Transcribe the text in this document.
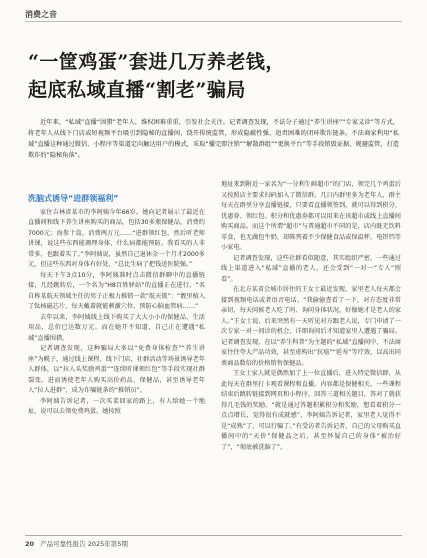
消费之音
“一筐鸡蛋”套进几万养老钱，
起底私域直播“割老”骗局
近年来，“私域”直播“围猎”老年人，维权困难重重，引发社会关注。记者调查发现，不法分子通过“养生讲座”“专家义诊”等方式，将老年人从线下门店或短视频平台吸引到隐秘的直播间，绕开传统监管，形成隐蔽性强、追责困难的闭环欺诈链条。不法商家利用“私域”直播这种通过微信、小程序等渠道定向触达用户的模式，采取“播完即注销”“解散群组”“更换平台”等手段销毁证据，规避监管，打造欺诈的“隐秘角落”。
洗脑式诱导“进群领福利”

家住吉林省某市的李阿姨今年66岁。她向记者展示了最近在直播间和线下养生讲座购买的商品，包括30多瓶保健品，消费约7000元；海参十盒，消费两万元……“进群领红包，然后听老师讲课，说这些东西能调理身体，什么病都能预防。我看买的人非常多，也跟着买了。”李阿姨说，虽然自己退休金一个月才2000多元，但这些东西对身体有好处，“总比生病了把钱送医院强。”

每天下午3点10分，李阿姨准时点击微信群聊中的直播链接，几经跳转后，一个名为“H8百姓驿站”的直播正在进行。“名自称某航天领域主任的男子正极力推销一款“航天铍”：“靓里植入了钛核磁芯片，每天戴着就能刺激穴位、预防心脑血管病……”

去年以来，李阿姨线上线下购买了大大小小的保健品、生活用品，总价已达数万元。而在她开不知道，自己正在遭遇“私域”直播围猎。

记者调查发现，这种骗局大多以“免费身体检查”“养生讲座”为幌子，通过线上课程、线下门店，社群活动等场景诱导老年人群体，以“拉人头奖励鸡蛋”“连续听课领红包”等手段实现社群裂变。进而诱使老年人购买高价药品、保健品，甚至诱导老年人“拉人进群”，成为诈骗链条的“推销员”。

李阿姨告诉记者，一次买菜回家的路上，有人给她一个地址，说可以去领免费鸡蛋。她按照

地址来到附近一家名为“一分利生鲜超市”的门店，领完几个鸡蛋后又按照店主要求扫码加入了微信群。几日内群里多为老年人，群主每天在群里分享直播链接，只要看直播领签到，就可以得到积分、优惠券、领红包。积分和优惠券都可以用来在该超市或线上直播间购买商品。而这个所谓“超市”与普通超市不同的是，店内既无饮料零食，也无蔬包牛奶，却陈列着不少保健食品或保温杯、电饼铛等小家电。

记者调查发现，这些社群看似随意，其实组织严密。一些通过线上渠道进入“私域”直播的老人，还会受到“一对一”专人“照看”。

在北方某省会城市居住的王女士最近发现，家里老人每天都会接到视频电话或者语音电话。“我偷偷查看了一下，对方态度非常亲切，每天问候老人吃了吗、询问身体状况，好像她才是老人的家人。”王女士说，后来突然有一天听见对方跟老人说，专门申请了一次专家一对一问诊的机会，详细询问后才知道家里人遭遇了骗局。记者调查发现，在以“养生科普”为主题的“私域”直播间中，不法商家往往夸大产品功效，甚至虚构出“抗癌”“延寿”等疗效，以高出同类商品数倍的价格销售保健品。

王女士家人就是偶然加了上一位直播后，进入特定微信群，从此每天在群里打卡观看课程和直播。内容都是保健相关，一些课程结束后跳转链接到网页和小程序，回答三道相关题目，答对了就获得几毛钱的奖励。“就是通过答题积累积分和奖励，想看着积分一点点增长，觉得很有成就感”，李阿姨告诉记者，家里老人觉得不是“成熟”了，可以行骗了。”有受访者告诉记者，自己的父母购买直播间中的“天价”保健品之后，甚至怀疑自己的身体“被治好了”，“彻底被洗脑了”。

20 产品可靠性报告 2025年第5期
